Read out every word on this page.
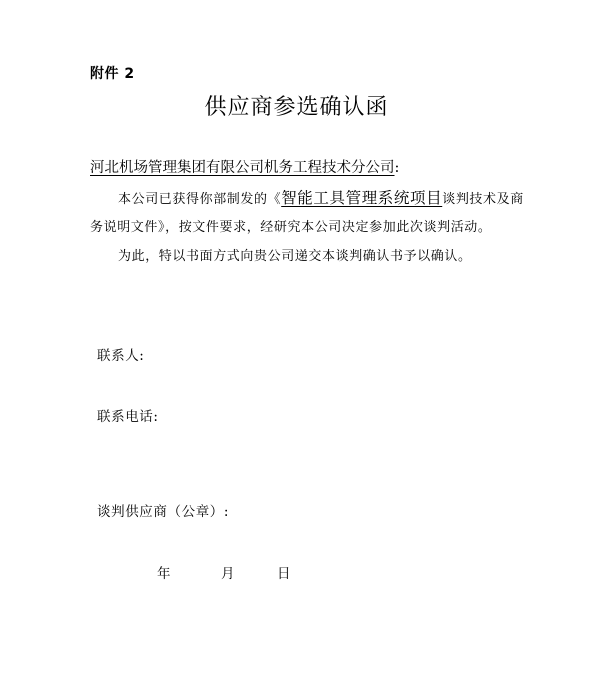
附件 2
供应商参选确认函
河北机场管理集团有限公司机务工程技术分公司:
本公司已获得你部制发的《智能工具管理系统项目谈判技术及商务说明文件》，按文件要求，经研究本公司决定参加此次谈判活动。
为此，特以书面方式向贵公司递交本谈判确认书予以确认。
联系人:
联系电话:
谈判供应商（公章）:
年	月	日
